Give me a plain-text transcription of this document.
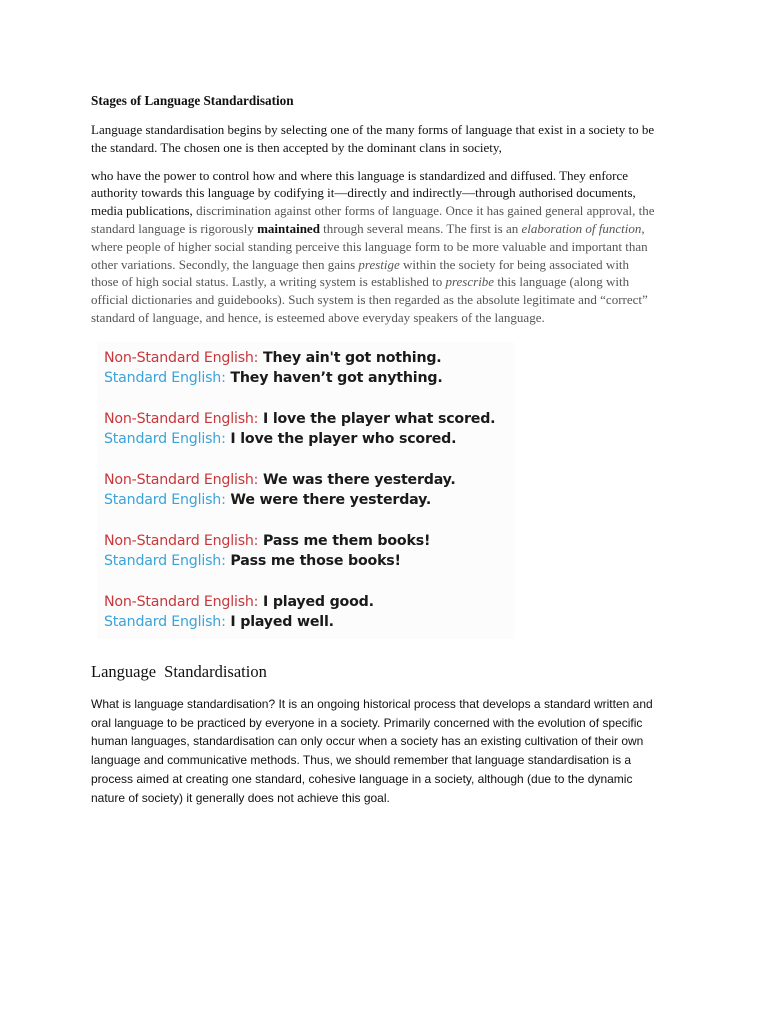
Stages of Language Standardisation

Language standardisation begins by selecting one of the many forms of language that exist in a society to be the standard. The chosen one is then accepted by the dominant clans in society,

who have the power to control how and where this language is standardized and diffused. They enforce authority towards this language by codifying it—directly and indirectly—through authorised documents, media publications, discrimination against other forms of language. Once it has gained general approval, the standard language is rigorously maintained through several means. The first is an elaboration of function, where people of higher social standing perceive this language form to be more valuable and important than other variations. Secondly, the language then gains prestige within the society for being associated with those of high social status. Lastly, a writing system is established to prescribe this language (along with official dictionaries and guidebooks). Such system is then regarded as the absolute legitimate and “correct” standard of language, and hence, is esteemed above everyday speakers of the language.

Non-Standard English: They ain't got nothing.
Standard English: They haven’t got anything.
Non-Standard English: I love the player what scored.
Standard English: I love the player who scored.
Non-Standard English: We was there yesterday.
Standard English: We were there yesterday.
Non-Standard English: Pass me them books!
Standard English: Pass me those books!
Non-Standard English: I played good.
Standard English: I played well.
Language Standardisation

What is language standardisation? It is an ongoing historical process that develops a standard written and oral language to be practiced by everyone in a society. Primarily concerned with the evolution of specific human languages, standardisation can only occur when a society has an existing cultivation of their own language and communicative methods. Thus, we should remember that language standardisation is a process aimed at creating one standard, cohesive language in a society, although (due to the dynamic nature of society) it generally does not achieve this goal.
